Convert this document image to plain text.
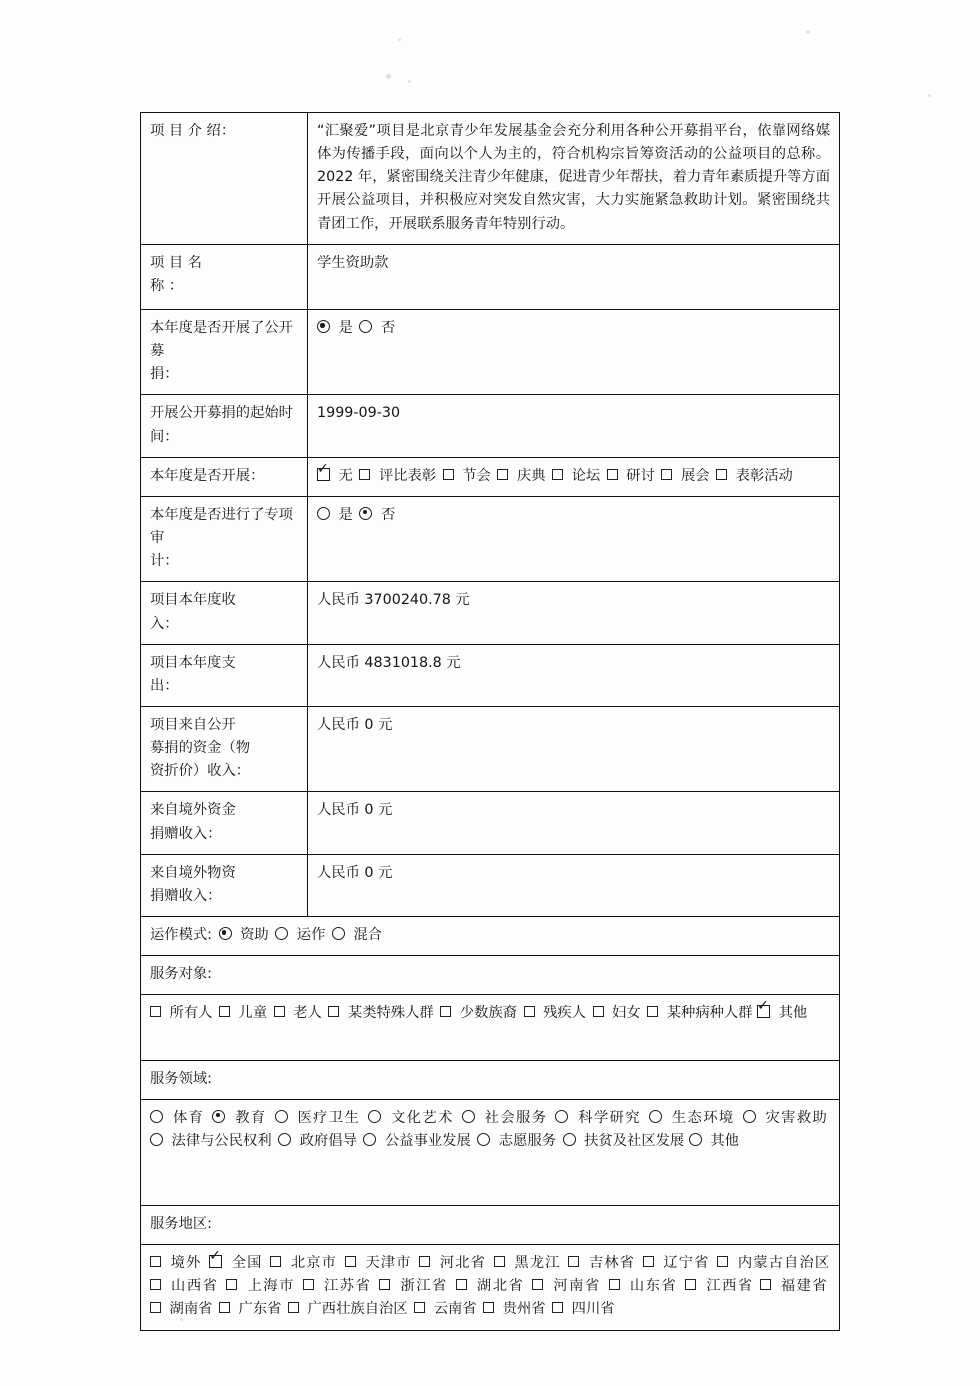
项 目 介 绍：	“汇聚爱”项目是北京青少年发展基金会充分利用各种公开募捐平台，依靠网络媒体为传播手段，面向以个人为主的，符合机构宗旨筹资活动的公益项目的总称。2022 年，紧密围绕关注青少年健康，促进青少年帮扶，着力青年素质提升等方面开展公益项目，并积极应对突发自然灾害，大力实施紧急救助计划。紧密围绕共青团工作，开展联系服务青年特别行动。

项 目 名
称 ：	学生资助款

本年度是否开展了公开募
捐：	是 否

开展公开募捐的起始时
间：	1999-09-30

本年度是否开展：
	✓无 评比表彰 节会 庆典 论坛 研讨 展会 表彰活动

本年度是否进行了专项审
计：	是 否

项目本年度收
入：	人民币 3700240.78 元

项目本年度支
出：	人民币 4831018.8 元

项目来自公开
募捐的资金（物
资折价）收入：	人民币 0 元

来自境外资金
捐赠收入：	人民币 0 元

来自境外物资
捐赠收入：	人民币 0 元
运作模式: 资助 运作 混合	
服务对象:	
所有人 儿童 老人 某类特殊人群 少数族裔 残疾人 妇女 某种病种人群 ✓ 其他

服务领域:	
体育 教育 医疗卫生 文化艺术 社会服务 科学研究 生态环境 灾害救助  法律与公民权利 政府倡导 公益事业发展 志愿服务 扶贫及社区发展 其他	

服务地区:	
境外 ✓ 全国 北京市 天津市 河北省 黑龙江 吉林省 辽宁省 内蒙古自治区  山西省 上海市 江苏省 浙江省 湖北省 河南省 山东省 江西省 福建省  湖南省 广东省 广西壮族自治区 云南省 贵州省 四川省
